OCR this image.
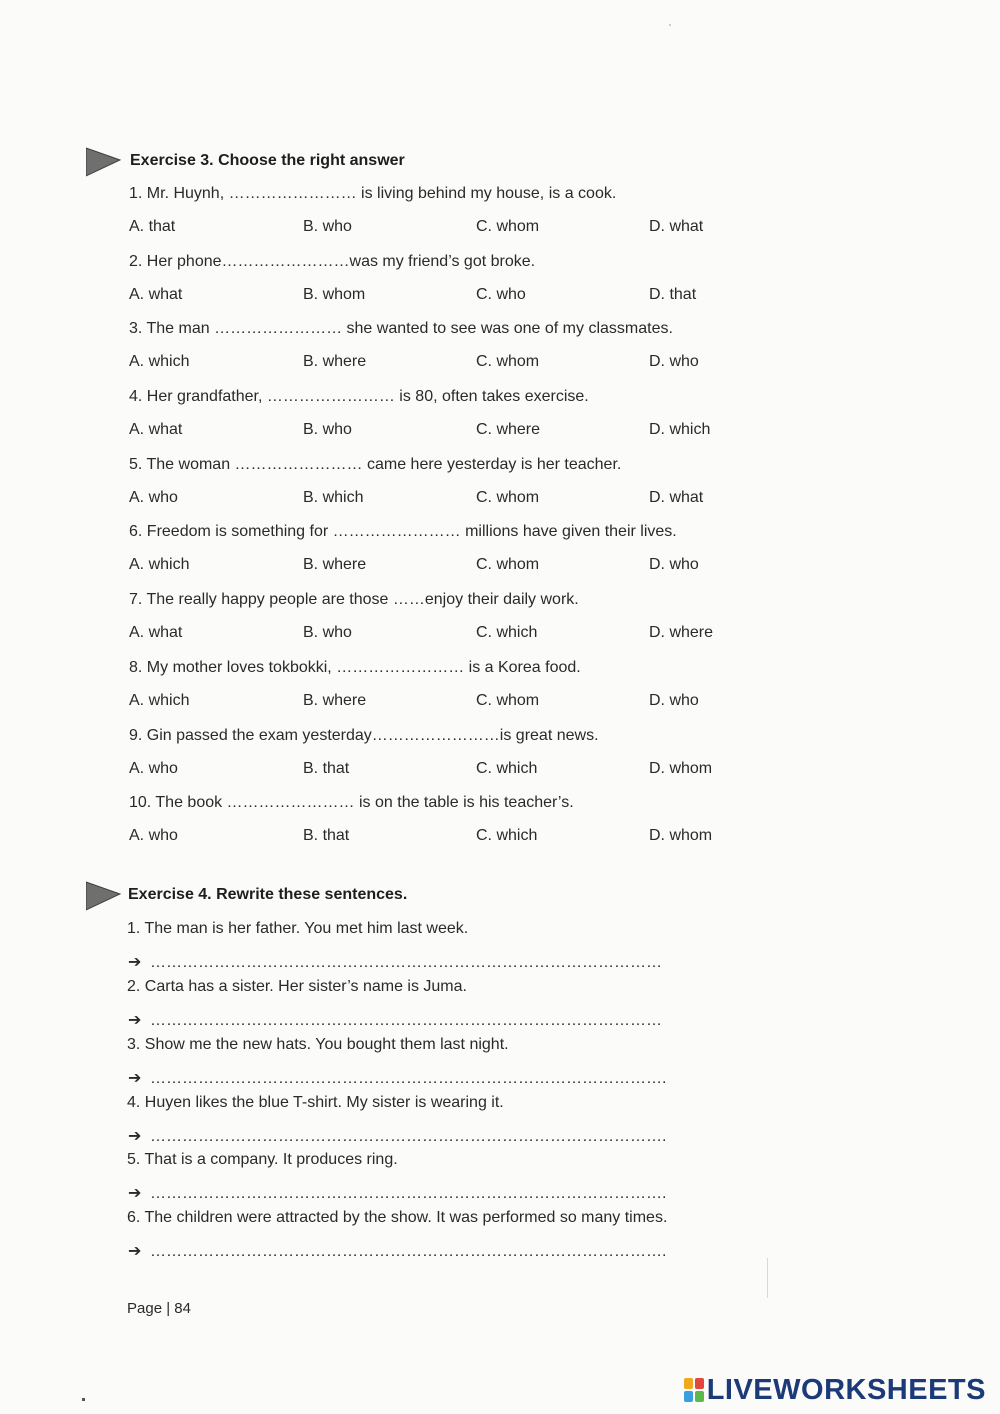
Exercise 3. Choose the right answer
1. Mr. Huynh, …………………… is living behind my house, is a cook.
A. that	B. who	C. whom	D. what
2. Her phone……………………was my friend’s got broke.
A. what	B. whom	C. who	D. that
3. The man …………………… she wanted to see was one of my classmates.
A. which	B. where	C. whom	D. who
4. Her grandfather, …………………… is 80, often takes exercise.
A. what	B. who	C. where	D. which
5. The woman …………………… came here yesterday is her teacher.
A. who	B. which	C. whom	D. what
6. Freedom is something for …………………… millions have given their lives.
A. which	B. where	C. whom	D. who
7. The really happy people are those ……enjoy their daily work.
A. what	B. who	C. which	D. where
8. My mother loves tokbokki, …………………… is a Korea food.
A. which	B. where	C. whom	D. who
9. Gin passed the exam yesterday……………………is great news.
A. who	B. that	C. which	D. whom
10. The book …………………… is on the table is his teacher’s.
A. who	B. that	C. which	D. whom
Exercise 4. Rewrite these sentences.
1. The man is her father. You met him last week.
➔ ……………………………………………………………………………………
2. Carta has a sister. Her sister’s name is Juma.
➔ ……………………………………………………………………………………
3. Show me the new hats. You bought them last night.
➔ …………………………………………………………………………………….
4. Huyen likes the blue T-shirt. My sister is wearing it.
➔ …………………………………………………………………………………….
5. That is a company. It produces ring.
➔ …………………………………………………………………………………….
6. The children were attracted by the show. It was performed so many times.
➔ …………………………………………………………………………………….
Page | 84
LIVEWORKSHEETS
